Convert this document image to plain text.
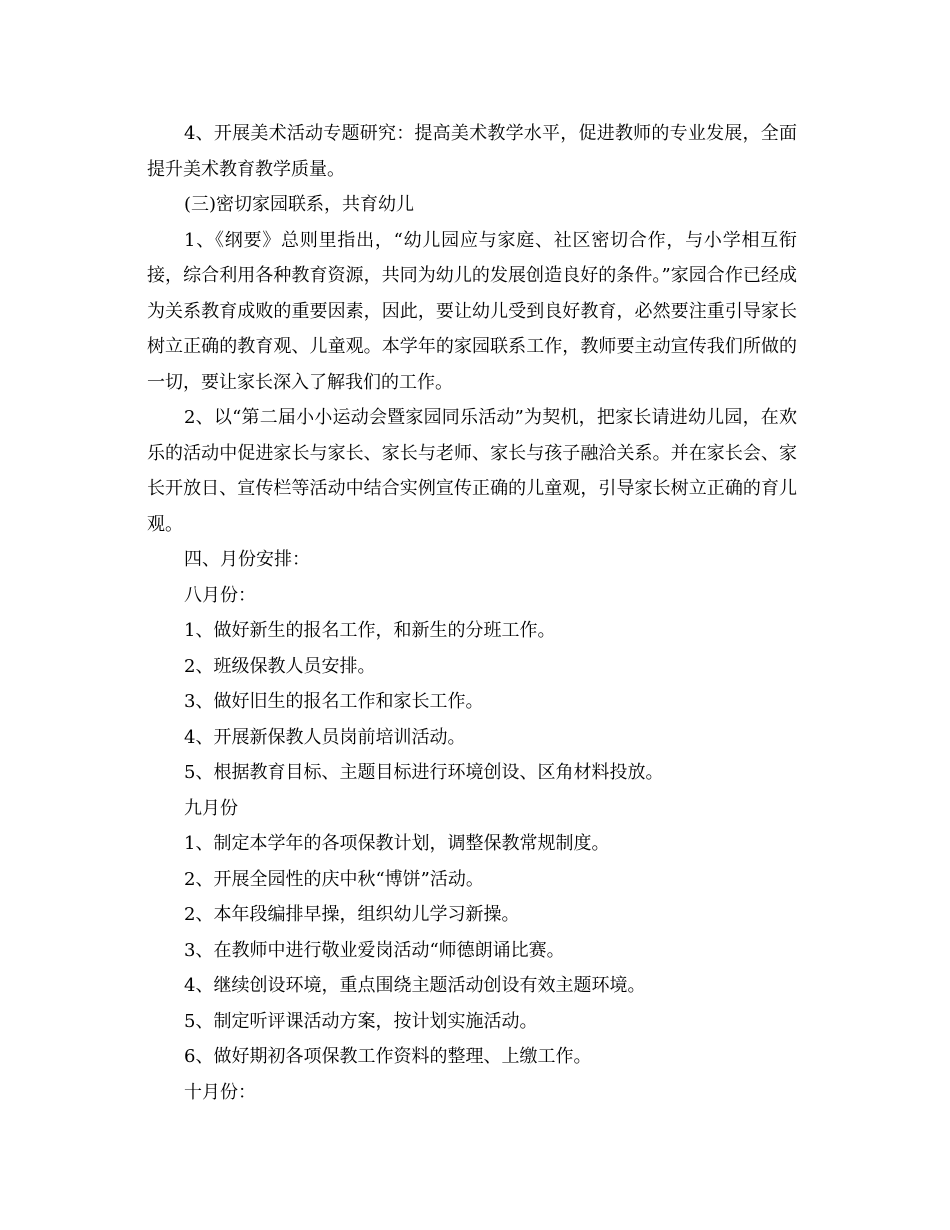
4、开展美术活动专题研究：提高美术教学水平，促进教师的专业发展，全面提升美术教育教学质量。

(三)密切家园联系，共育幼儿

1、《纲要》总则里指出，“幼儿园应与家庭、社区密切合作，与小学相互衔接，综合利用各种教育资源，共同为幼儿的发展创造良好的条件。”家园合作已经成为关系教育成败的重要因素，因此，要让幼儿受到良好教育，必然要注重引导家长树立正确的教育观、儿童观。本学年的家园联系工作，教师要主动宣传我们所做的一切，要让家长深入了解我们的工作。

2、以“第二届小小运动会暨家园同乐活动”为契机，把家长请进幼儿园，在欢乐的活动中促进家长与家长、家长与老师、家长与孩子融洽关系。并在家长会、家长开放日、宣传栏等活动中结合实例宣传正确的儿童观，引导家长树立正确的育儿观。

四、月份安排：

八月份：

1、做好新生的报名工作，和新生的分班工作。

2、班级保教人员安排。

3、做好旧生的报名工作和家长工作。

4、开展新保教人员岗前培训活动。

5、根据教育目标、主题目标进行环境创设、区角材料投放。

九月份

1、制定本学年的各项保教计划，调整保教常规制度。

2、开展全园性的庆中秋“博饼”活动。

2、本年段编排早操，组织幼儿学习新操。

3、在教师中进行敬业爱岗活动“师德朗诵比赛。

4、继续创设环境，重点围绕主题活动创设有效主题环境。

5、制定听评课活动方案，按计划实施活动。

6、做好期初各项保教工作资料的整理、上缴工作。

十月份：
